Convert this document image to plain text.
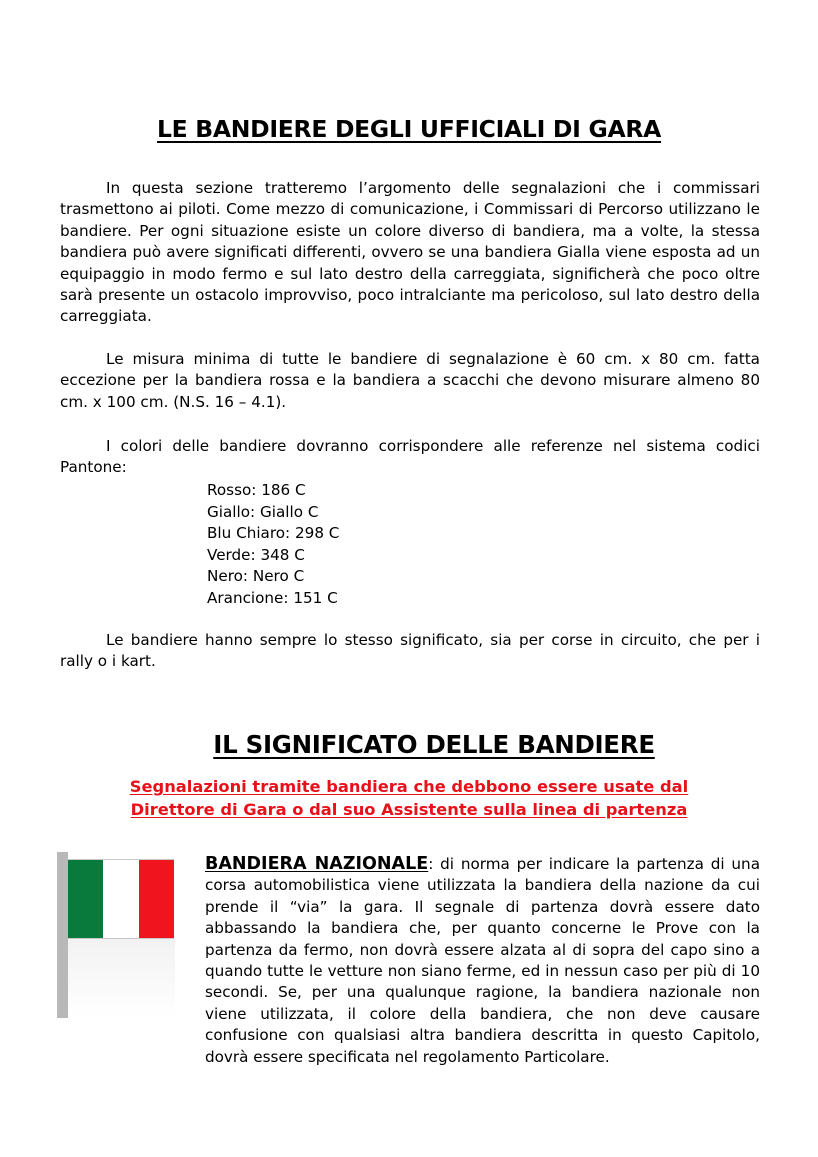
LE BANDIERE DEGLI UFFICIALI DI GARA
In questa sezione tratteremo l’argomento delle segnalazioni che i commissari trasmettono ai piloti. Come mezzo di comunicazione, i Commissari di Percorso utilizzano le bandiere. Per ogni situazione esiste un colore diverso di bandiera, ma a volte, la stessa bandiera può avere significati differenti, ovvero se una bandiera Gialla viene esposta ad un equipaggio in modo fermo e sul lato destro della carreggiata, significherà che poco oltre sarà presente un ostacolo improvviso, poco intralciante ma pericoloso, sul lato destro della carreggiata.
Le misura minima di tutte le bandiere di segnalazione è 60 cm. x 80 cm. fatta eccezione per la bandiera rossa e la bandiera a scacchi che devono misurare almeno 80 cm. x 100 cm. (N.S. 16 – 4.1).
I colori delle bandiere dovranno corrispondere alle referenze nel sistema codici Pantone:
Rosso: 186 C
Giallo: Giallo C
Blu Chiaro: 298 C
Verde: 348 C
Nero: Nero C
Arancione: 151 C
Le bandiere hanno sempre lo stesso significato, sia per corse in circuito, che per i rally o i kart.
IL SIGNIFICATO DELLE BANDIERE
Segnalazioni tramite bandiera che debbono essere usate dal
Direttore di Gara o dal suo Assistente sulla linea di partenza
BANDIERA NAZIONALE: di norma per indicare la partenza di una corsa automobilistica viene utilizzata la bandiera della nazione da cui prende il “via” la gara. Il segnale di partenza dovrà essere dato abbassando la bandiera che, per quanto concerne le Prove con la partenza da fermo, non dovrà essere alzata al di sopra del capo sino a quando tutte le vetture non siano ferme, ed in nessun caso per più di 10 secondi. Se, per una qualunque ragione, la bandiera nazionale non viene utilizzata, il colore della bandiera, che non deve causare confusione con qualsiasi altra bandiera descritta in questo Capitolo, dovrà essere specificata nel regolamento Particolare.
